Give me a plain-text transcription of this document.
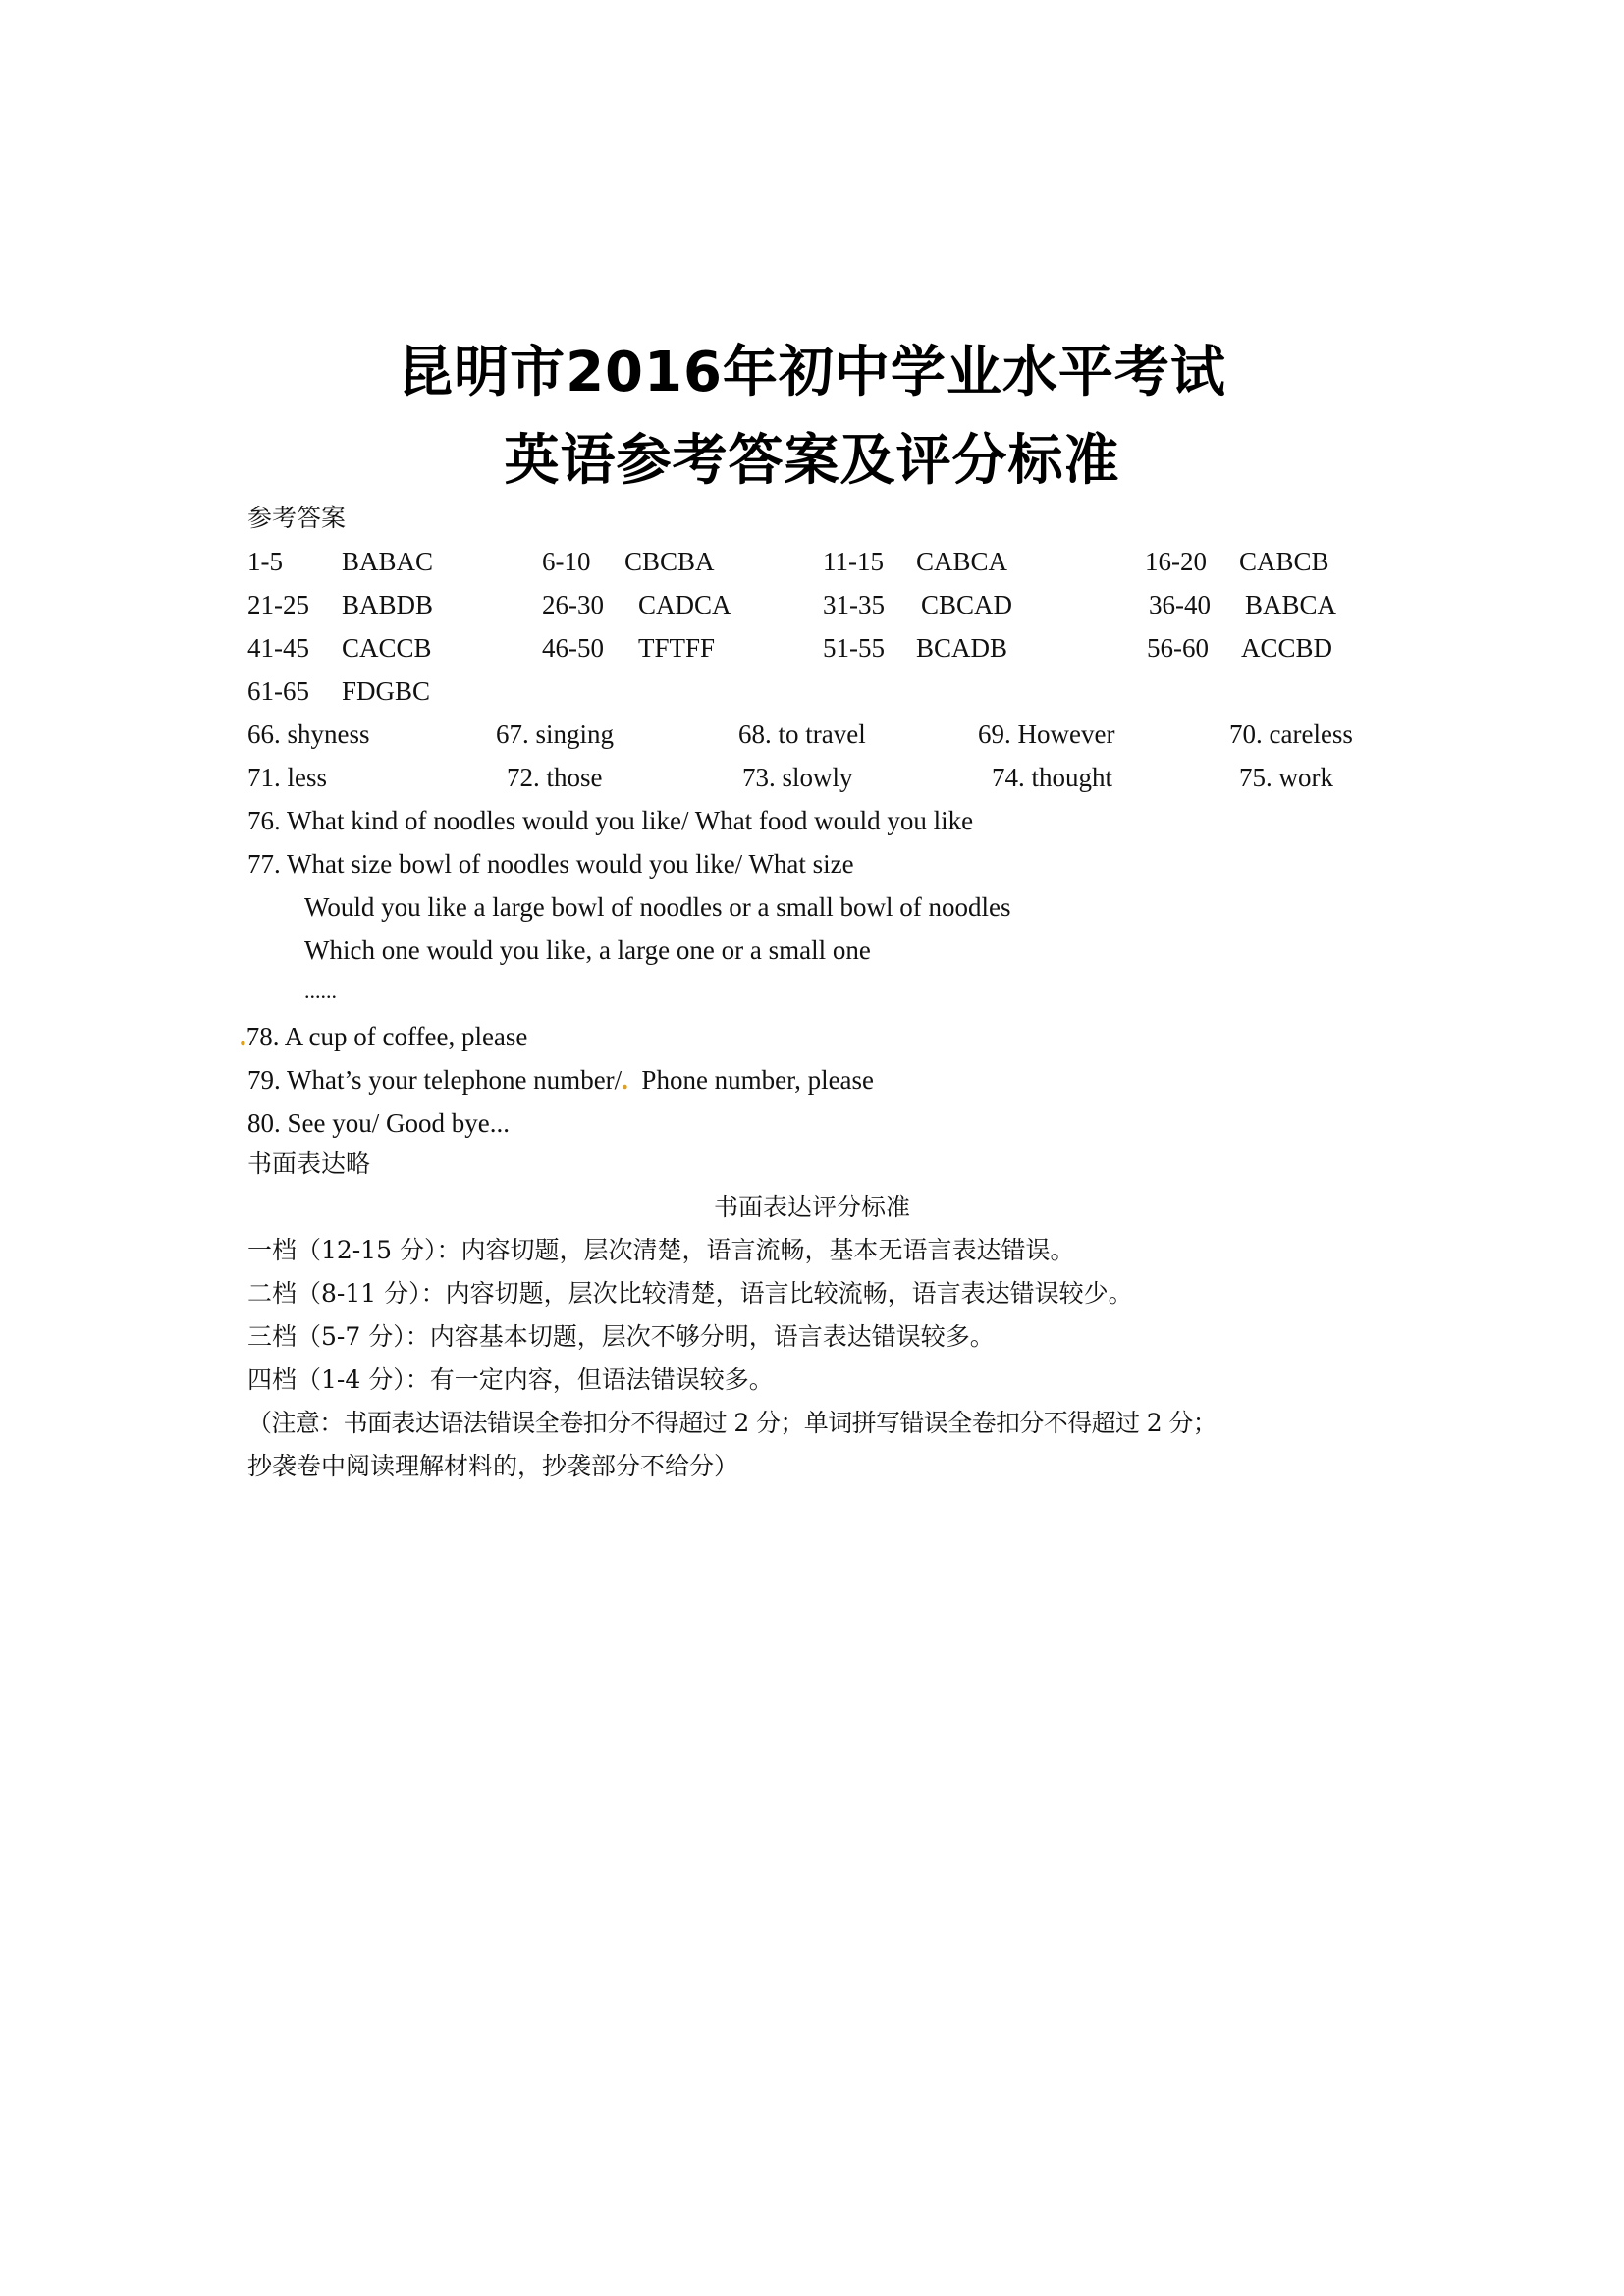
昆明市2016年初中学业水平考试
英语参考答案及评分标准
参考答案
1-5 BABAC	6-10 CBCBA	11-15 CABCA	16-20 CABCB
21-25 BABDB	26-30 CADCA	31-35 CBCAD	36-40 BABCA
41-45 CACCB	46-50 TFTFF	51-55 BCADB	56-60 ACCBD
61-65 FDGBC
66. shyness	67. singing	68. to travel	69. However	70. careless
71. less	72. those	73. slowly	74. thought	75. work
76. What kind of noodles would you like/ What food would you like
77. What size bowl of noodles would you like/ What size
Would you like a large bowl of noodles or a small bowl of noodles
Which one would you like, a large one or a small one
......
.78. A cup of coffee, please
79. What’s your telephone number/.  Phone number, please
80. See you/ Good bye...
书面表达略
书面表达评分标准
一档（12-15 分）：内容切题，层次清楚，语言流畅，基本无语言表达错误。
二档（8-11 分）：内容切题，层次比较清楚，语言比较流畅，语言表达错误较少。
三档（5-7 分）：内容基本切题，层次不够分明，语言表达错误较多。
四档（1-4 分）：有一定内容，但语法错误较多。
（注意：书面表达语法错误全卷扣分不得超过 2 分；单词拼写错误全卷扣分不得超过 2 分；
抄袭卷中阅读理解材料的，抄袭部分不给分）
